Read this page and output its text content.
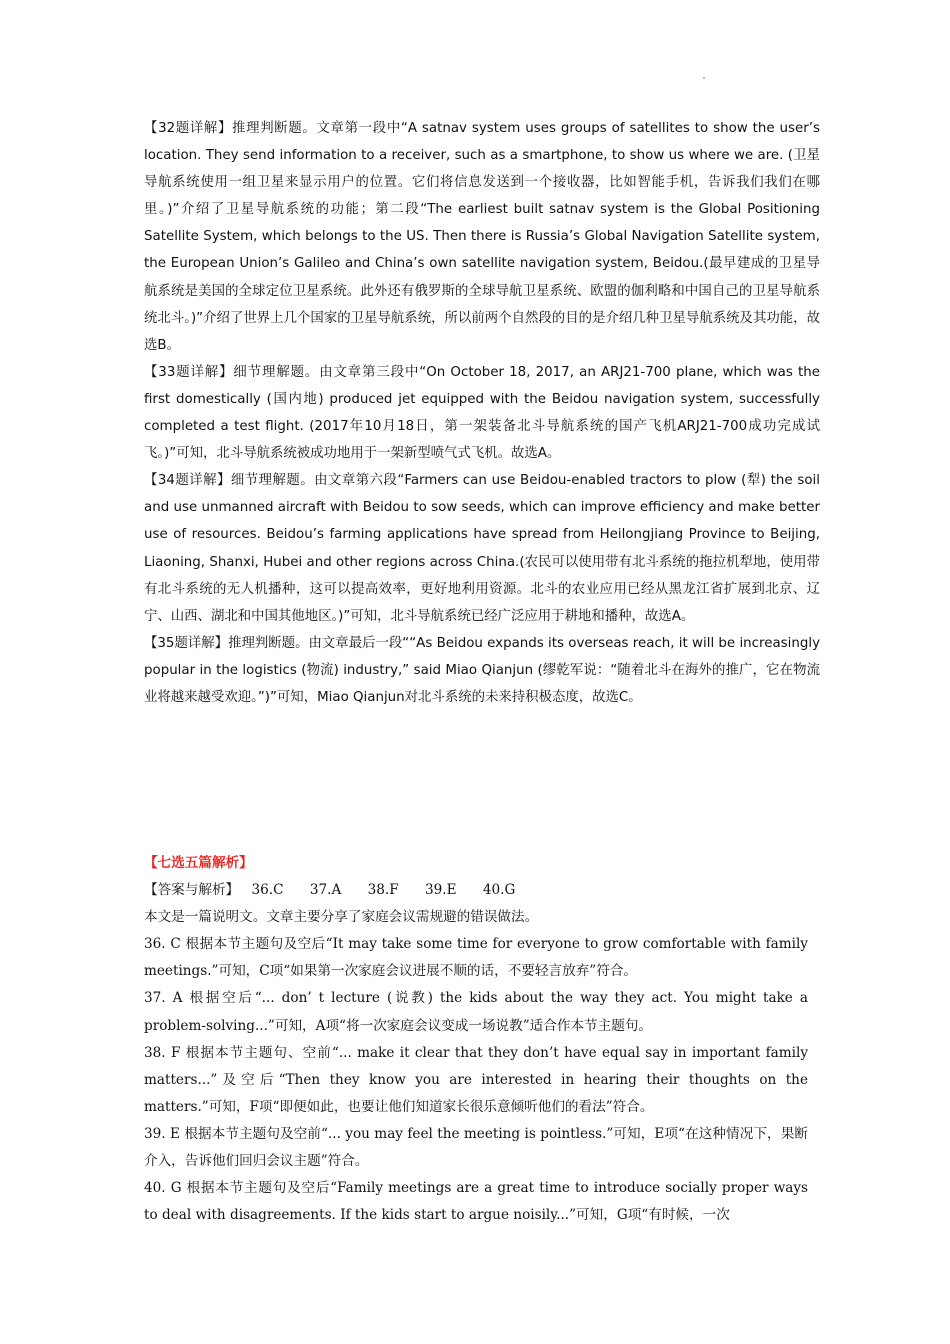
【32题详解】推理判断题。文章第一段中“A satnav system uses groups of satellites to show the user’s location. They send information to a receiver, such as a smartphone, to show us where we are. (卫星导航系统使用一组卫星来显示用户的位置。它们将信息发送到一个接收器，比如智能手机，告诉我们我们在哪里。)”介绍了卫星导航系统的功能；第二段“The earliest built satnav system is the Global Positioning Satellite System, which belongs to the US. Then there is Russia’s Global Navigation Satellite system, the European Union’s Galileo and China’s own satellite navigation system, Beidou.(最早建成的卫星导航系统是美国的全球定位卫星系统。此外还有俄罗斯的全球导航卫星系统、欧盟的伽利略和中国自己的卫星导航系统北斗。)”介绍了世界上几个国家的卫星导航系统，所以前两个自然段的目的是介绍几种卫星导航系统及其功能，故选B。

【33题详解】细节理解题。由文章第三段中“On October 18, 2017, an ARJ21-700 plane, which was the first domestically (国内地) produced jet equipped with the Beidou navigation system, successfully completed a test flight. (2017年10月18日，第一架装备北斗导航系统的国产飞机ARJ21-700成功完成试飞。)”可知，北斗导航系统被成功地用于一架新型喷气式飞机。故选A。

【34题详解】细节理解题。由文章第六段“Farmers can use Beidou-enabled tractors to plow (犁) the soil and use unmanned aircraft with Beidou to sow seeds, which can improve efficiency and make better use of resources. Beidou’s farming applications have spread from Heilongjiang Province to Beijing, Liaoning, Shanxi, Hubei and other regions across China.(农民可以使用带有北斗系统的拖拉机犁地，使用带有北斗系统的无人机播种，这可以提高效率，更好地利用资源。北斗的农业应用已经从黑龙江省扩展到北京、辽宁、山西、湖北和中国其他地区。)”可知，北斗导航系统已经广泛应用于耕地和播种，故选A。

【35题详解】推理判断题。由文章最后一段““As Beidou expands its overseas reach, it will be increasingly popular in the logistics (物流) industry,” said Miao Qianjun (缪乾军说：“随着北斗在海外的推广，它在物流业将越来越受欢迎。”)”可知，Miao Qianjun对北斗系统的未来持积极态度，故选C。

【七选五篇解析】

【答案与解析】 36.C 37.A 38.F 39.E 40.G

本文是一篇说明文。文章主要分享了家庭会议需规避的错误做法。

36. C 根据本节主题句及空后“It may take some time for everyone to grow comfortable with family meetings.”可知，C项“如果第一次家庭会议进展不顺的话，不要轻言放弃”符合。

37. A 根据空后“... don’ t lecture (说教) the kids about the way they act. You might take a problem-solving...”可知，A项“将一次家庭会议变成一场说教”适合作本节主题句。

38. F 根据本节主题句、空前“... make it clear that they don’t have equal say in important family matters...”及空后“Then they know you are interested in hearing their thoughts on the matters.”可知，F项“即便如此，也要让他们知道家长很乐意倾听他们的看法”符合。

39. E 根据本节主题句及空前“... you may feel the meeting is pointless.”可知，E项“在这种情况下，果断介入，告诉他们回归会议主题”符合。

40. G 根据本节主题句及空后“Family meetings are a great time to introduce socially proper ways to deal with disagreements. If the kids start to argue noisily...”可知，G项“有时候，一次
